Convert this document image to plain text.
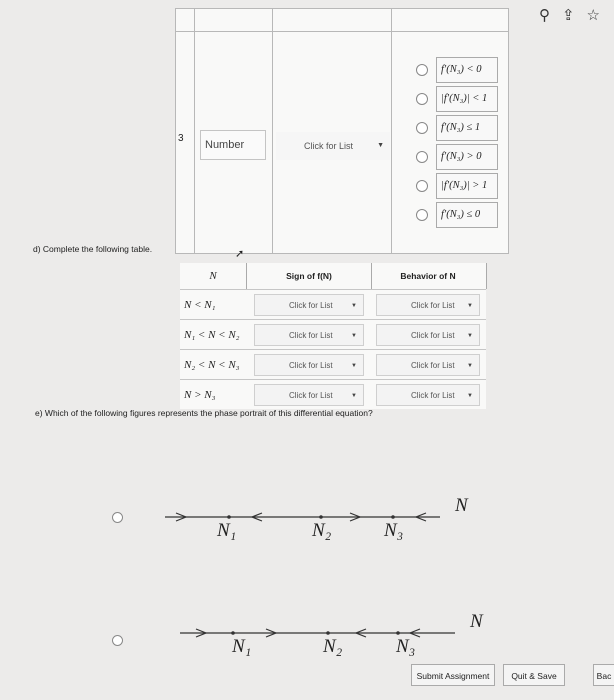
⚲ ⇪ ☆
3
Number	Click for List	▼
f′(N₃) < 0
|f′(N₃)| < 1
f′(N₃) ≤ 1
f′(N₃) > 0
|f′(N₃)| > 1
f′(N₃) ≤ 0
d) Complete the following table.	➚
N	Sign of f(N)	Behavior of N
N < N₁	Click for List	▼	Click for List ▼
N₁ < N < N₂	Click for List	▼	Click for List ▼
N₂ < N < N₃	Click for List	▼	Click for List ▼
N > N₃	Click for List	▼	Click for List ▼
e) Which of the following figures represents the phase portrait of this differential equation?
N
N₁	N₂	N₃
N
N₁	N₂	N₃
Submit Assignment	Quit & Save	Bac
